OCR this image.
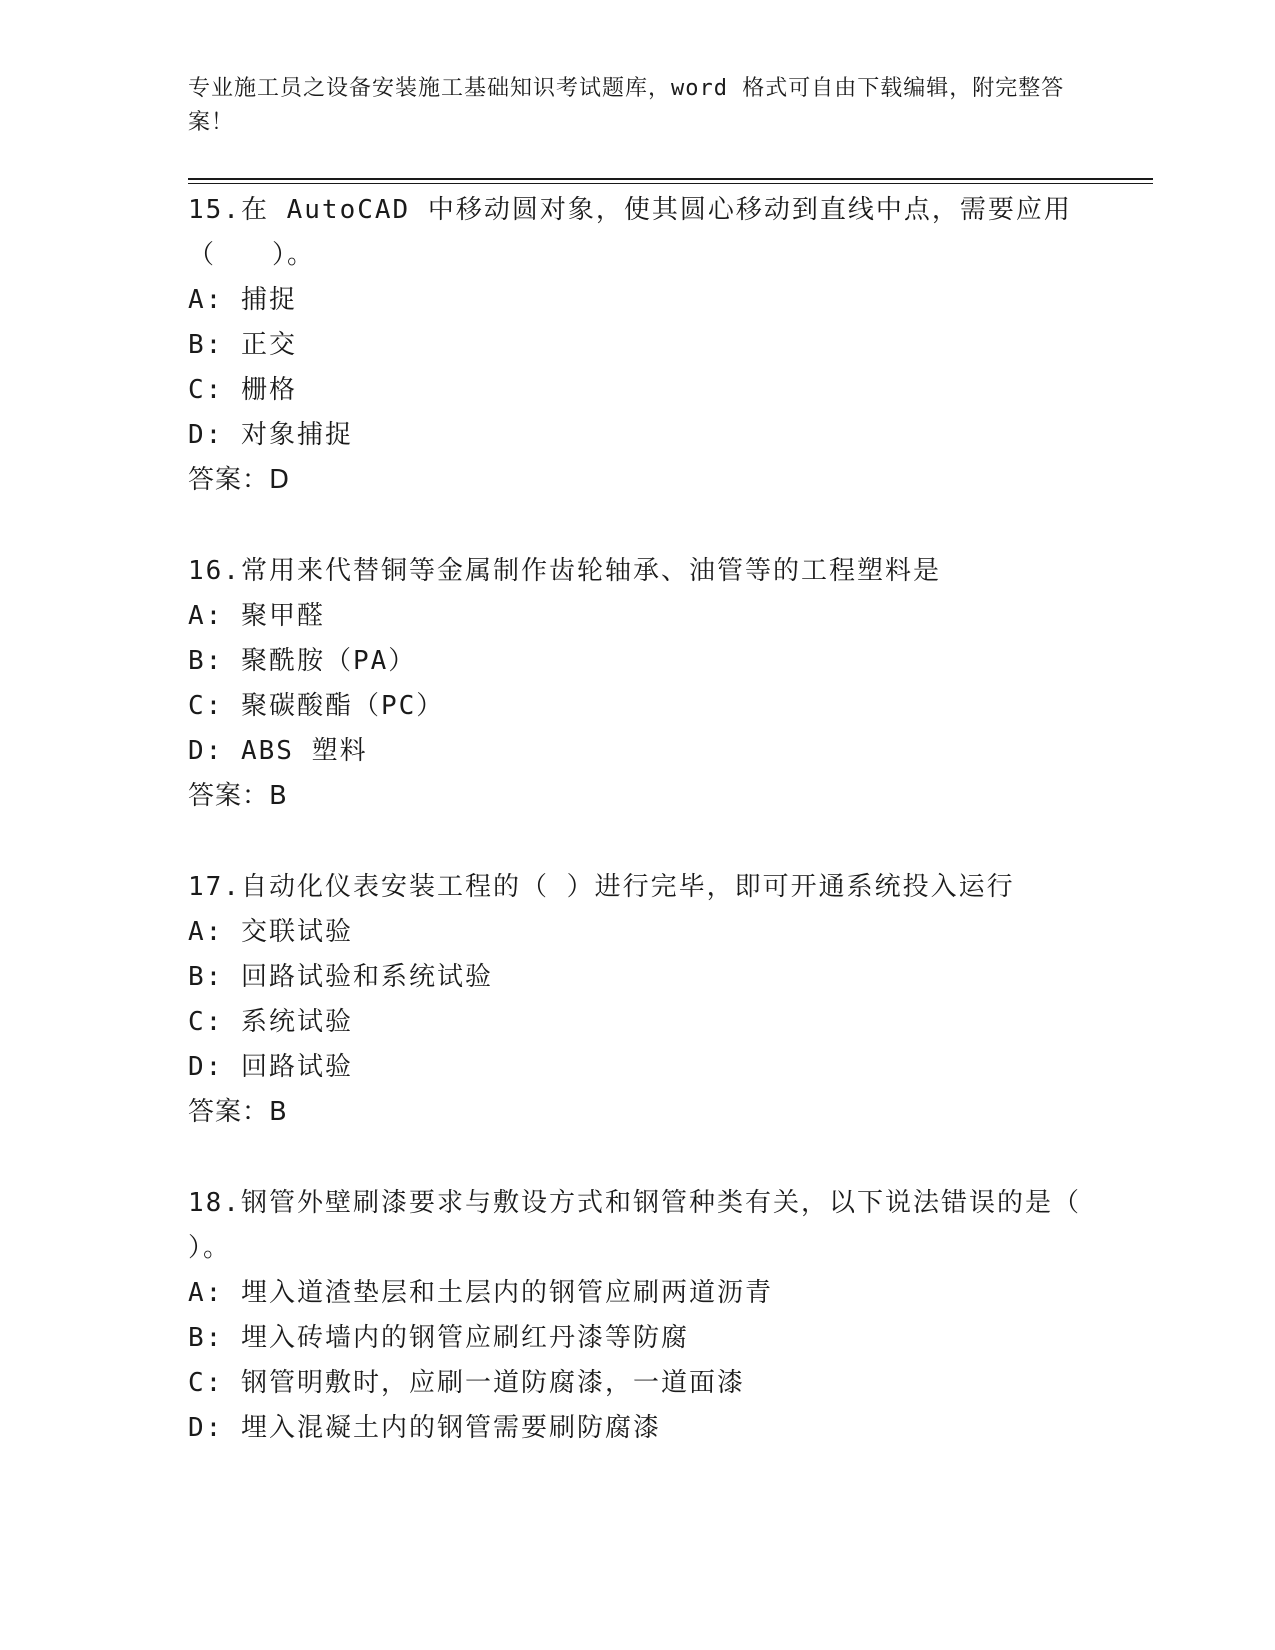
专业施工员之设备安装施工基础知识考试题库，word 格式可自由下载编辑，附完整答案！
15.在 AutoCAD 中移动圆对象，使其圆心移动到直线中点，需要应用（　　）。
A: 捕捉
B: 正交
C: 栅格
D: 对象捕捉
答案：D
16.常用来代替铜等金属制作齿轮轴承、油管等的工程塑料是
A: 聚甲醛
B: 聚酰胺（PA）
C: 聚碳酸酯（PC）
D: ABS 塑料
答案：B
17.自动化仪表安装工程的（ ）进行完毕，即可开通系统投入运行
A: 交联试验
B: 回路试验和系统试验
C: 系统试验
D: 回路试验
答案：B
18.钢管外壁刷漆要求与敷设方式和钢管种类有关，以下说法错误的是（ ）。
A: 埋入道渣垫层和土层内的钢管应刷两道沥青
B: 埋入砖墙内的钢管应刷红丹漆等防腐
C: 钢管明敷时，应刷一道防腐漆，一道面漆
D: 埋入混凝土内的钢管需要刷防腐漆
